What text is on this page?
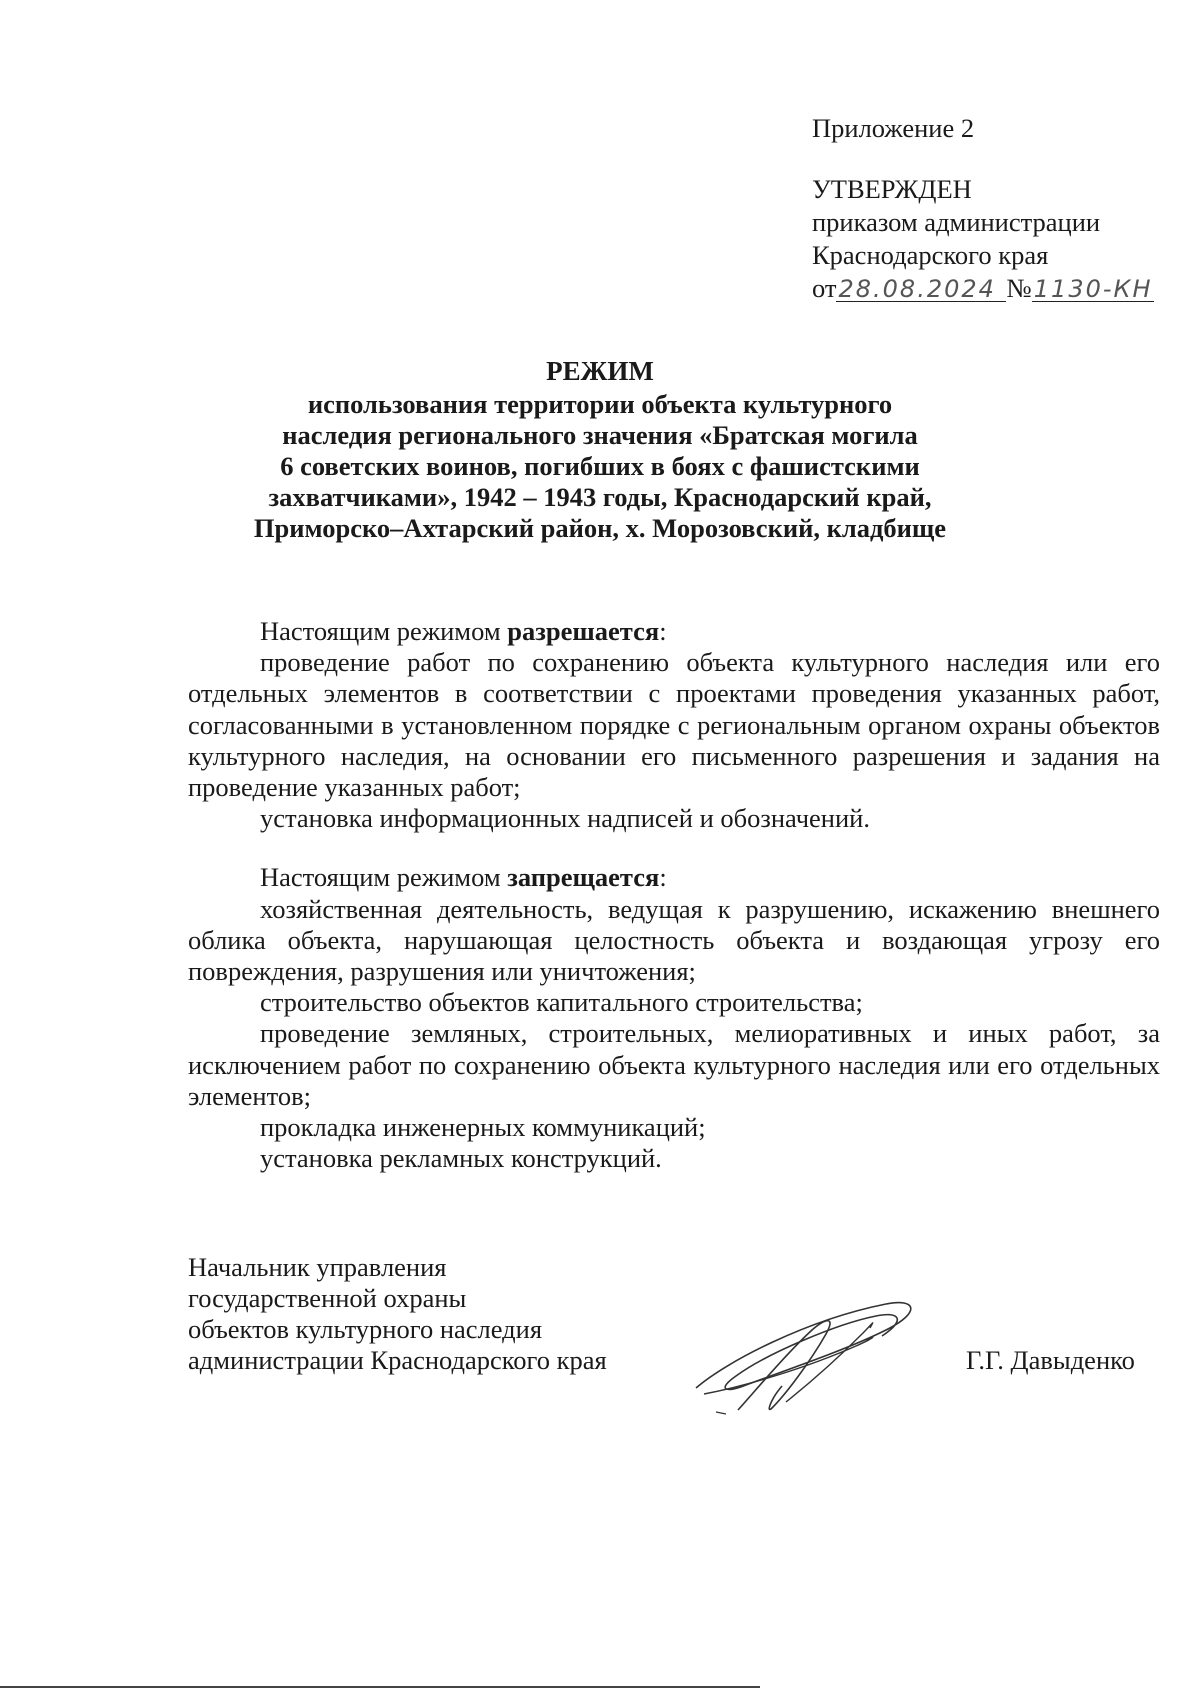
Приложение 2
УТВЕРЖДЕН
приказом администрации
Краснодарского края
от28.08.2024 №1130-КН
РЕЖИМ
использования территории объекта культурного
наследия регионального значения «Братская могила
6 советских воинов, погибших в боях с фашистскими
захватчиками», 1942 – 1943 годы, Краснодарский край,
Приморско–Ахтарский район, х. Морозовский, кладбище

Настоящим режимом разрешается:

проведение работ по сохранению объекта культурного наследия или его отдельных элементов в соответствии с проектами проведения указанных работ, согласованными в установленном порядке с региональным органом охраны объектов культурного наследия, на основании его письменного разрешения и задания на проведение указанных работ;

установка информационных надписей и обозначений.

Настоящим режимом запрещается:

хозяйственная деятельность, ведущая к разрушению, искажению внешнего облика объекта, нарушающая целостность объекта и воздающая угрозу его повреждения, разрушения или уничтожения;

строительство объектов капитального строительства;

проведение земляных, строительных, мелиоративных и иных работ, за исключением работ по сохранению объекта культурного наследия или его отдельных элементов;

прокладка инженерных коммуникаций;

установка рекламных конструкций.

Начальник управления
государственной охраны
объектов культурного наследия
администрации Краснодарского края	Г.Г. Давыденко
